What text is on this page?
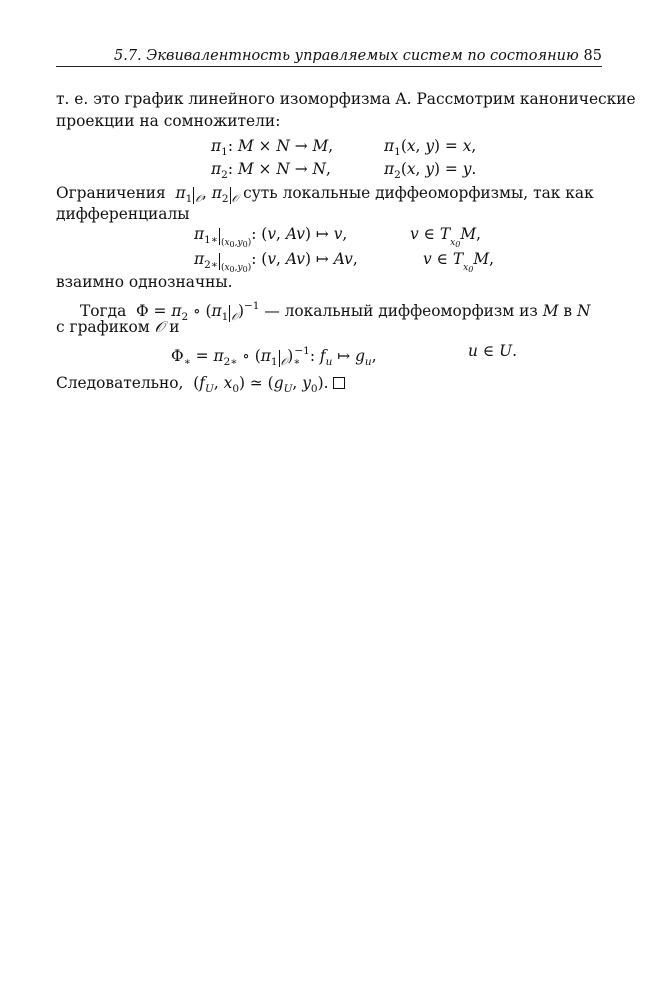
5.7. Эквивалентность управляемых систем по состоянию 85
т. е. это график линейного изоморфизма A. Рассмотрим канонические
проекции на сомножители:
$\pi_1$: M × N → M,	$\pi_1(x$, y) = x,
$\pi_2$: M × N → N,	$\pi_2(x$, y) = y.
Ограничения  $\pi_1$ $_𝒪$, $\pi_2$ $_𝒪$ суть локальные диффеоморфизмы, так как
дифференциалы
$\pi_{1∗}$ $_{(x0,y0)}$: (v, Av) ↦ v,	v ∈ $T_{x0}M$,
$\pi_{2∗}$ $_{(x0,y0)}$: (v, Av) ↦ Av,	v ∈ $T_{x0}M$,
взаимно однозначны.
Тогда  $\Phi = \pi_2$ ∘ ($\pi_1$ $_𝒪$)$^{-1}$ — локальный диффеоморфизм из M в N
с графиком 𝒪 и
$\Phi_∗ = \pi_{2∗}$ ∘ ($\pi_1$ $_𝒪)_∗^{-1}$: $f_u$ ↦ $g_u$,	u ∈ U.
Следовательно,  ($f_U$, $x_0$) ≃ ($g_U$, $y_0$).
